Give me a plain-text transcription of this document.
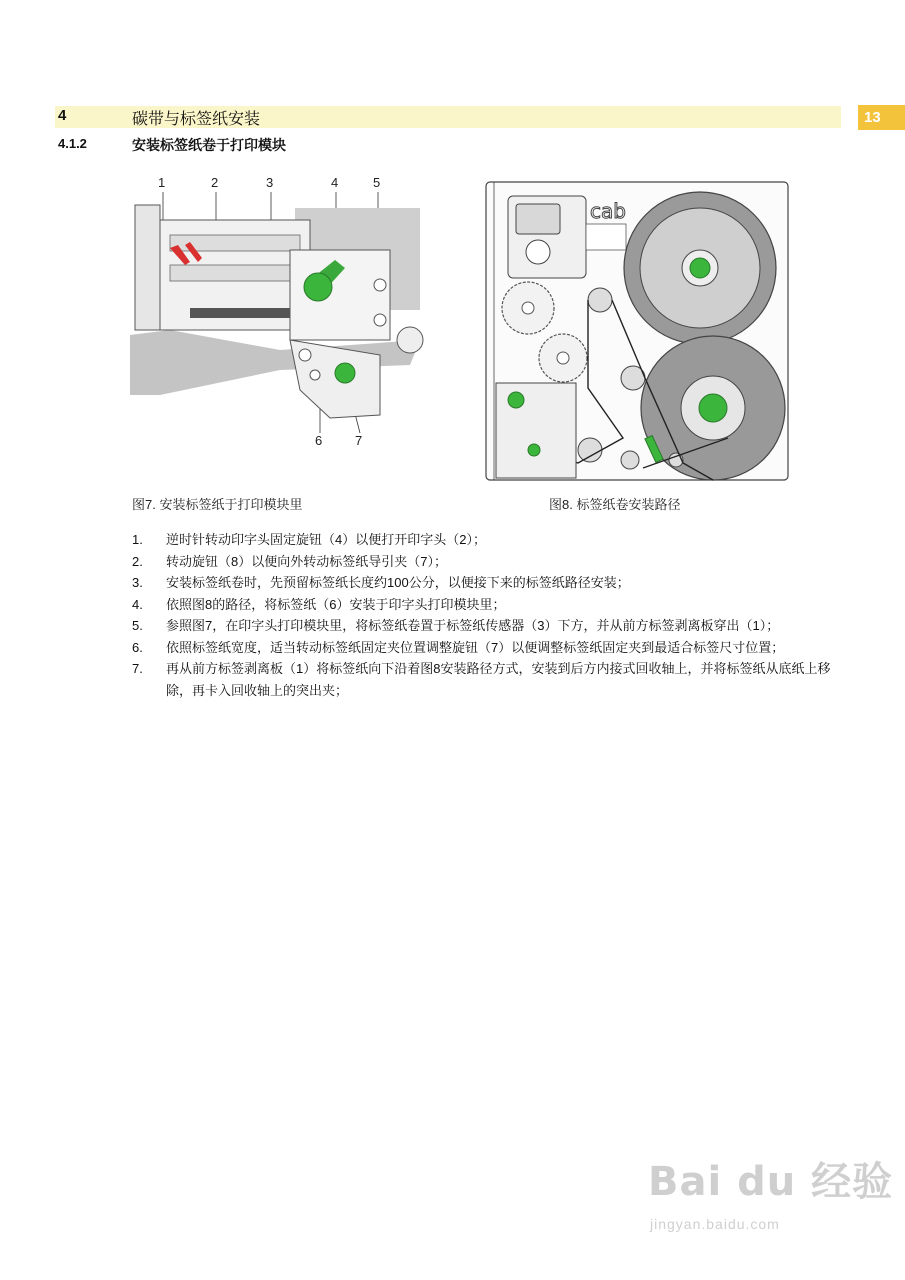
4	碳带与标签纸安装	13
4.1.2	安装标签纸卷于打印模块
1	2	3	4	5
6	7
图7. 安装标签纸于打印模块里
cab
图8. 标签纸卷安装路径
1.	逆时针转动印字头固定旋钮（4）以便打开印字头（2）；
2.	转动旋钮（8）以便向外转动标签纸导引夹（7）；
3.	安装标签纸卷时，先预留标签纸长度约100公分，以便接下来的标签纸路径安装；
4.	依照图8的路径，将标签纸（6）安装于印字头打印模块里；
5.	参照图7，在印字头打印模块里，将标签纸卷置于标签纸传感器（3）下方，并从前方标签剥离板穿出（1）；
6.	依照标签纸宽度，适当转动标签纸固定夹位置调整旋钮（7）以便调整标签纸固定夹到最适合标签尺寸位置；
7.	再从前方标签剥离板（1）将标签纸向下沿着图8安装路径方式，安装到后方内接式回收轴上，并将标签纸从底纸上移除，再卡入回收轴上的突出夹；
Bai du 经验
jingyan.baidu.com
